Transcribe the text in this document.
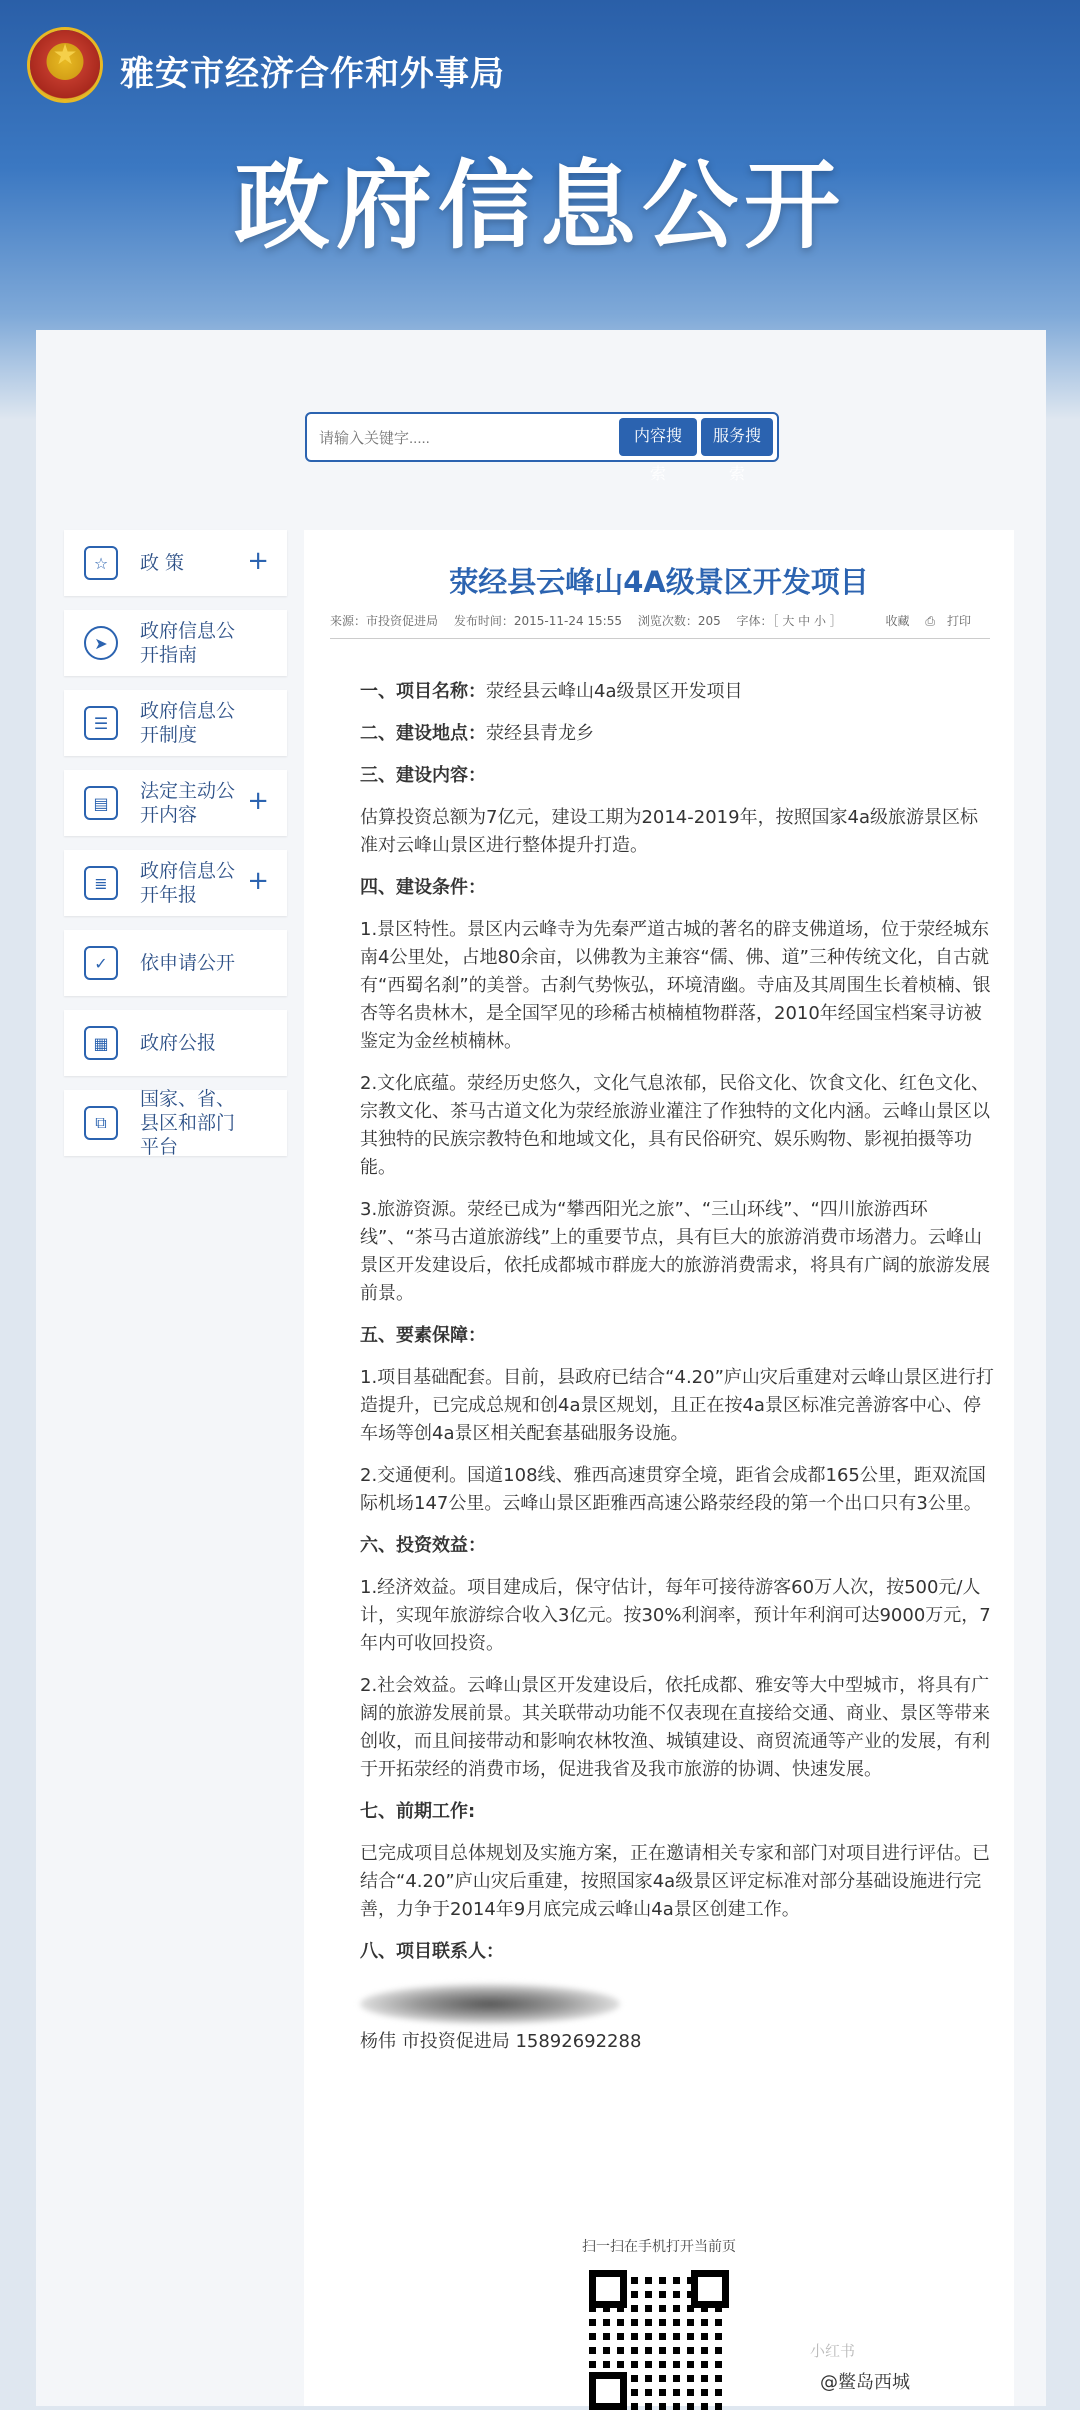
★
雅安市经济合作和外事局
政府信息公开
请输入关键字.....
内容搜索
服务搜索
☆	政 策	+
➤
政府信息公开指南
☰
政府信息公开制度
▤
法定主动公开内容	+
≣
政府信息公开年报	+
✓	依申请公开
▦	政府公报
⧉
国家、省、县区和部门平台
荥经县云峰山4A级景区开发项目
来源：市投资促进局 发布时间：2015-11-24 15:55 浏览次数：205 字体：［ 大 中 小 ］	收藏 ⎙ 打印
一、项目名称：荥经县云峰山4a级景区开发项目
二、建设地点：荥经县青龙乡
三、建设内容：
估算投资总额为7亿元，建设工期为2014-2019年，按照国家4a级旅游景区标准对云峰山景区进行整体提升打造。
四、建设条件：
1.景区特性。景区内云峰寺为先秦严道古城的著名的辟支佛道场，位于荥经城东南4公里处，占地80余亩，以佛教为主兼容“儒、佛、道”三种传统文化，自古就有“西蜀名刹”的美誉。古刹气势恢弘，环境清幽。寺庙及其周围生长着桢楠、银杏等名贵林木，是全国罕见的珍稀古桢楠植物群落，2010年经国宝档案寻访被鉴定为金丝桢楠林。
2.文化底蕴。荥经历史悠久，文化气息浓郁，民俗文化、饮食文化、红色文化、宗教文化、茶马古道文化为荥经旅游业灌注了作独特的文化内涵。云峰山景区以其独特的民族宗教特色和地域文化，具有民俗研究、娱乐购物、影视拍摄等功能。
3.旅游资源。荥经已成为“攀西阳光之旅”、“三山环线”、“四川旅游西环线”、“茶马古道旅游线”上的重要节点，具有巨大的旅游消费市场潜力。云峰山景区开发建设后，依托成都城市群庞大的旅游消费需求，将具有广阔的旅游发展前景。
五、要素保障：
1.项目基础配套。目前，县政府已结合“4.20”庐山灾后重建对云峰山景区进行打造提升，已完成总规和创4a景区规划，且正在按4a景区标准完善游客中心、停车场等创4a景区相关配套基础服务设施。
2.交通便利。国道108线、雅西高速贯穿全境，距省会成都165公里，距双流国际机场147公里。云峰山景区距雅西高速公路荥经段的第一个出口只有3公里。
六、投资效益：
1.经济效益。项目建成后，保守估计，每年可接待游客60万人次，按500元/人计，实现年旅游综合收入3亿元。按30%利润率，预计年利润可达9000万元，7年内可收回投资。
2.社会效益。云峰山景区开发建设后，依托成都、雅安等大中型城市，将具有广阔的旅游发展前景。其关联带动功能不仅表现在直接给交通、商业、景区等带来创收，而且间接带动和影响农林牧渔、城镇建设、商贸流通等产业的发展，有利于开拓荥经的消费市场，促进我省及我市旅游的协调、快速发展。
七、前期工作:
已完成项目总体规划及实施方案，正在邀请相关专家和部门对项目进行评估。已结合“4.20”庐山灾后重建，按照国家4a级景区评定标准对部分基础设施进行完善，力争于2014年9月底完成云峰山4a景区创建工作。
八、项目联系人：
杨伟 市投资促进局 15892692288
扫一扫在手机打开当前页
小红书
@鳖岛西城
